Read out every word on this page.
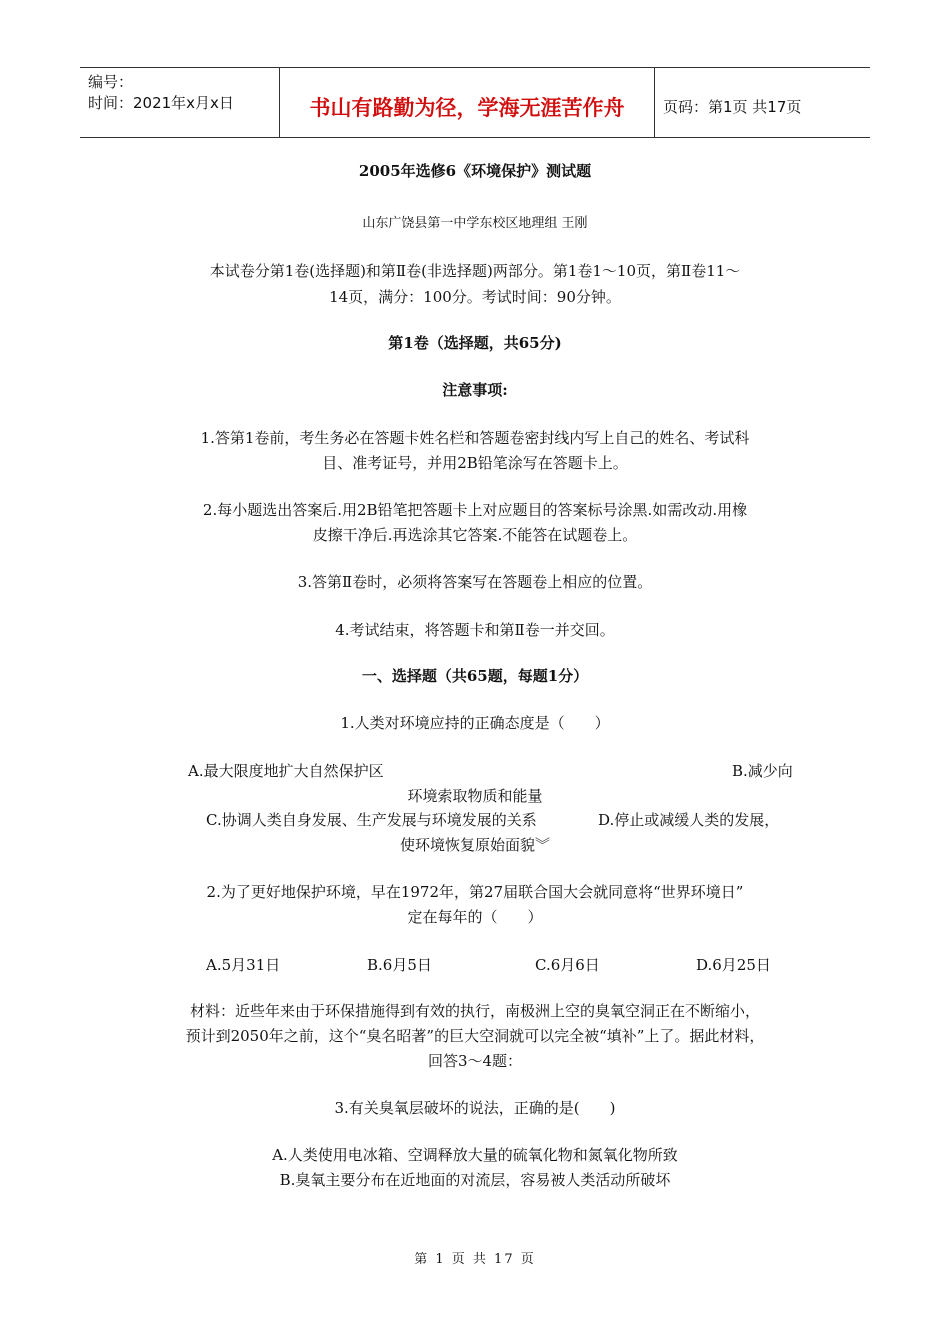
编号：
时间：2021年x月x日	书山有路勤为径，学海无涯苦作舟	页码：第1页 共17页
2005年选修6《环境保护》测试题
山东广饶县第一中学东校区地理组 王刚
本试卷分第1卷(选择题)和第Ⅱ卷(非选择题)两部分。第1卷1～10页，第Ⅱ卷11～
14页，满分：100分。考试时间：90分钟。
第1卷（选择题，共65分)
注意事项:
1.答第1卷前，考生务必在答题卡姓名栏和答题卷密封线内写上自己的姓名、考试科
目、准考证号，并用2B铅笔涂写在答题卡上。
2.每小题选出答案后.用2B铅笔把答题卡上对应题目的答案标号涂黑.如需改动.用橡
皮擦干净后.再选涂其它答案.不能答在试题卷上。
3.答第Ⅱ卷时，必须将答案写在答题卷上相应的位置。
4.考试结束，将答题卡和第Ⅱ卷一并交回。
一、选择题（共65题，每题1分）
1.人类对环境应持的正确态度是（　　）
A.最大限度地扩大自然保护区	B.减少向
环境索取物质和能量
C.协调人类自身发展、生产发展与环境发展的关系	D.停止或减缓人类的发展，
使环境恢复原始面貌︾
2.为了更好地保护环境，早在1972年，第27届联合国大会就同意将“世界环境日”
定在每年的（　　）
A.5月31日	B.6月5日	C.6月6日	D.6月25日
材料：近些年来由于环保措施得到有效的执行，南极洲上空的臭氧空洞正在不断缩小，
预计到2050年之前，这个“臭名昭著”的巨大空洞就可以完全被“填补”上了。据此材料，
回答3～4题：
3.有关臭氧层破坏的说法，正确的是(　　)
A.人类使用电冰箱、空调释放大量的硫氧化物和氮氧化物所致
B.臭氧主要分布在近地面的对流层，容易被人类活动所破坏
第 1 页 共 17 页
